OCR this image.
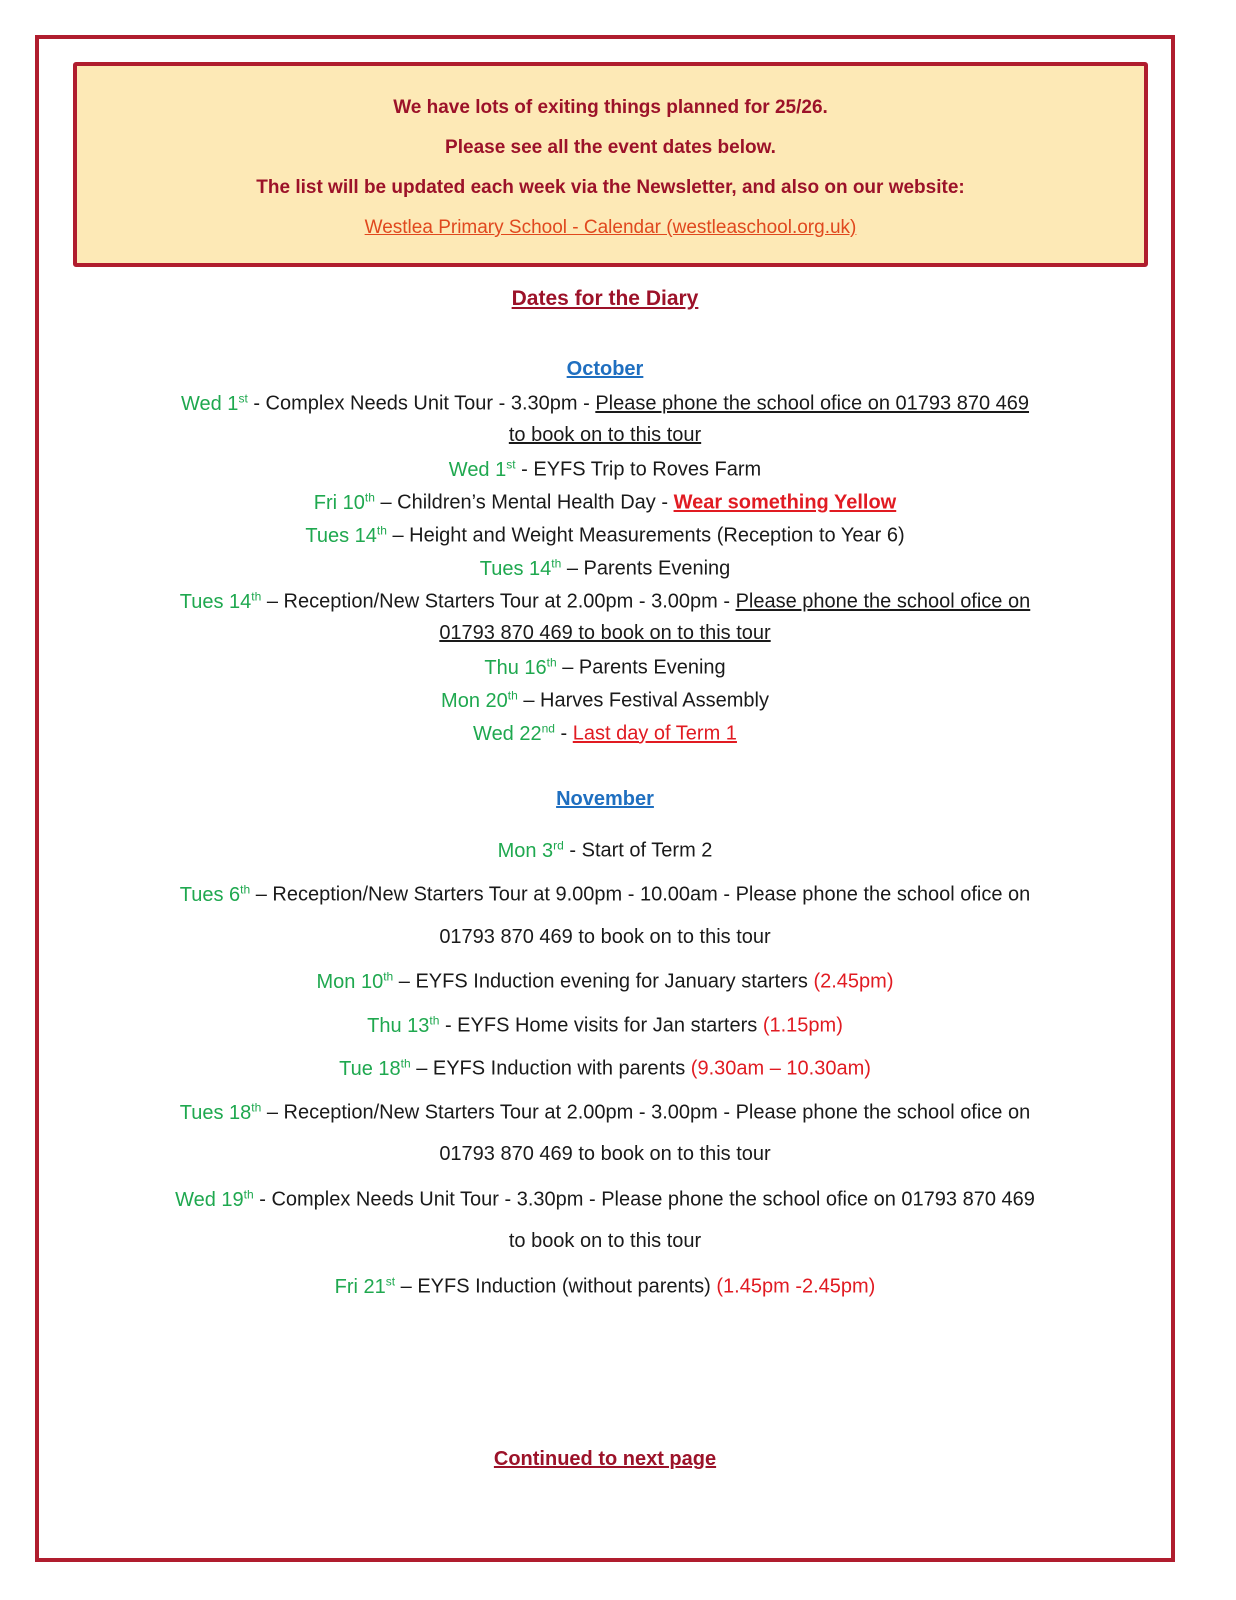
We have lots of exiting things planned for 25/26.

Please see all the event dates below.

The list will be updated each week via the Newsletter, and also on our website:

Westlea Primary School - Calendar (westleaschool.org.uk)

Dates for the Diary
October
Wed 1st - Complex Needs Unit Tour - 3.30pm - Please phone the school ofice on 01793 870 469
to book on to this tour
Wed 1st - EYFS Trip to Roves Farm
Fri 10th – Children’s Mental Health Day - Wear something Yellow
Tues 14th – Height and Weight Measurements (Reception to Year 6)
Tues 14th – Parents Evening
Tues 14th – Reception/New Starters Tour at 2.00pm - 3.00pm - Please phone the school ofice on
01793 870 469 to book on to this tour
Thu 16th – Parents Evening
Mon 20th – Harves Festival Assembly
Wed 22nd - Last day of Term 1
November
Mon 3rd - Start of Term 2
Tues 6th – Reception/New Starters Tour at 9.00pm - 10.00am - Please phone the school ofice on
01793 870 469 to book on to this tour
Mon 10th – EYFS Induction evening for January starters (2.45pm)
Thu 13th - EYFS Home visits for Jan starters (1.15pm)
Tue 18th – EYFS Induction with parents (9.30am – 10.30am)
Tues 18th – Reception/New Starters Tour at 2.00pm - 3.00pm - Please phone the school ofice on
01793 870 469 to book on to this tour
Wed 19th - Complex Needs Unit Tour - 3.30pm - Please phone the school ofice on 01793 870 469
to book on to this tour
Fri 21st – EYFS Induction (without parents) (1.45pm -2.45pm)
Continued to next page
